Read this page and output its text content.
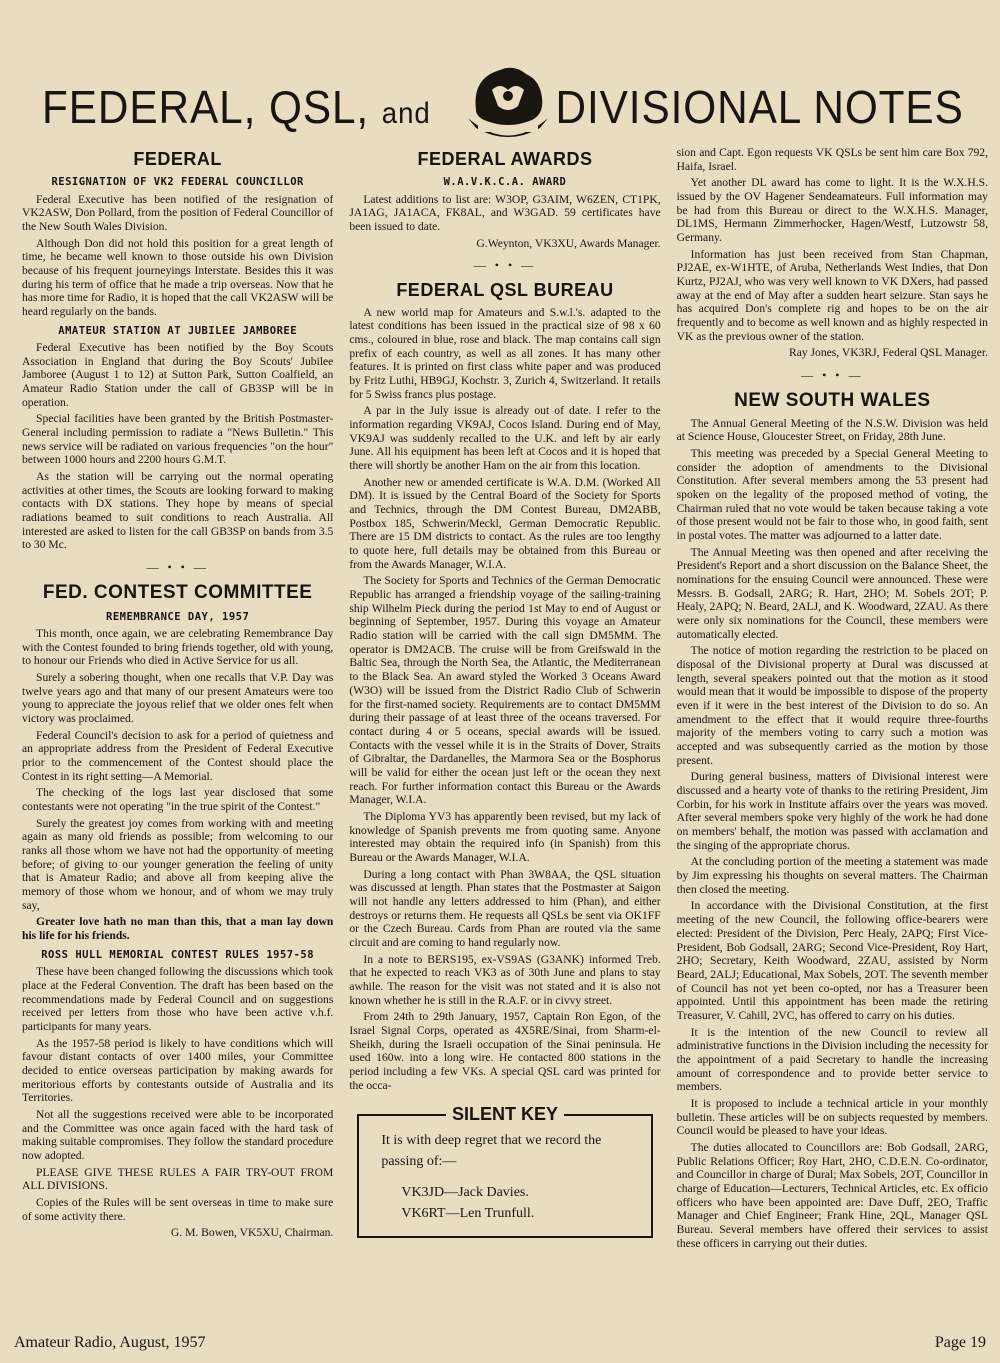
FEDERAL, QSL, and	DIVISIONAL NOTES
FEDERAL
RESIGNATION OF VK2 FEDERAL COUNCILLOR

Federal Executive has been notified of the resignation of VK2ASW, Don Pollard, from the position of Federal Councillor of the New South Wales Division.

Although Don did not hold this position for a great length of time, he became well known to those outside his own Division because of his frequent journeyings Interstate. Besides this it was during his term of office that he made a trip overseas. Now that he has more time for Radio, it is hoped that the call VK2ASW will be heard regularly on the bands.

AMATEUR STATION AT JUBILEE JAMBOREE

Federal Executive has been notified by the Boy Scouts Association in England that during the Boy Scouts' Jubilee Jamboree (August 1 to 12) at Sutton Park, Sutton Coalfield, an Amateur Radio Station under the call of GB3SP will be in operation.

Special facilities have been granted by the British Postmaster-General including permission to radiate a "News Bulletin." This news service will be radiated on various frequencies "on the hour" between 1000 hours and 2200 hours G.M.T.

As the station will be carrying out the normal operating activities at other times, the Scouts are looking forward to making contacts with DX stations. They hope by means of special radiations beamed to suit conditions to reach Australia. All interested are asked to listen for the call GB3SP on bands from 3.5 to 30 Mc.

— • • —
FED. CONTEST COMMITTEE
REMEMBRANCE DAY, 1957

This month, once again, we are celebrating Remembrance Day with the Contest founded to bring friends together, old with young, to honour our Friends who died in Active Service for us all.

Surely a sobering thought, when one recalls that V.P. Day was twelve years ago and that many of our present Amateurs were too young to appreciate the joyous relief that we older ones felt when victory was proclaimed.

Federal Council's decision to ask for a period of quietness and an appropriate address from the President of Federal Executive prior to the commencement of the Contest should place the Contest in its right setting—A Memorial.

The checking of the logs last year disclosed that some contestants were not operating "in the true spirit of the Contest."

Surely the greatest joy comes from working with and meeting again as many old friends as possible; from welcoming to our ranks all those whom we have not had the opportunity of meeting before; of giving to our younger generation the feeling of unity that is Amateur Radio; and above all from keeping alive the memory of those whom we honour, and of whom we may truly say,

Greater love hath no man than this, that a man lay down his life for his friends.

ROSS HULL MEMORIAL CONTEST RULES 1957-58

These have been changed following the discussions which took place at the Federal Convention. The draft has been based on the recommendations made by Federal Council and on suggestions received per letters from those who have been active v.h.f. participants for many years.

As the 1957-58 period is likely to have conditions which will favour distant contacts of over 1400 miles, your Committee decided to entice overseas participation by making awards for meritorious efforts by contestants outside of Australia and its Territories.

Not all the suggestions received were able to be incorporated and the Committee was once again faced with the hard task of making suitable compromises. They follow the standard procedure now adopted.

PLEASE GIVE THESE RULES A FAIR TRY-OUT FROM ALL DIVISIONS.

Copies of the Rules will be sent overseas in time to make sure of some activity there.

G. M. Bowen, VK5XU, Chairman.

FEDERAL AWARDS
W.A.V.K.C.A. AWARD

Latest additions to list are: W3OP, G3AIM, W6ZEN, CT1PK, JA1AG, JA1ACA, FK8AL, and W3GAD. 59 certificates have been issued to date.

G.Weynton, VK3XU, Awards Manager.

— • • —
FEDERAL QSL BUREAU

A new world map for Amateurs and S.w.l.'s. adapted to the latest conditions has been issued in the practical size of 98 x 60 cms., coloured in blue, rose and black. The map contains call sign prefix of each country, as well as all zones. It has many other features. It is printed on first class white paper and was produced by Fritz Luthi, HB9GJ, Kochstr. 3, Zurich 4, Switzerland. It retails for 5 Swiss francs plus postage.

A par in the July issue is already out of date. I refer to the information regarding VK9AJ, Cocos Island. During end of May, VK9AJ was suddenly recalled to the U.K. and left by air early June. All his equipment has been left at Cocos and it is hoped that there will shortly be another Ham on the air from this location.

Another new or amended certificate is W.A. D.M. (Worked All DM). It is issued by the Central Board of the Society for Sports and Technics, through the DM Contest Bureau, DM2ABB, Postbox 185, Schwerin/Meckl, German Democratic Republic. There are 15 DM districts to contact. As the rules are too lengthy to quote here, full details may be obtained from this Bureau or from the Awards Manager, W.I.A.

The Society for Sports and Technics of the German Democratic Republic has arranged a friendship voyage of the sailing-training ship Wilhelm Pieck during the period 1st May to end of August or beginning of September, 1957. During this voyage an Amateur Radio station will be carried with the call sign DM5MM. The operator is DM2ACB. The cruise will be from Greifswald in the Baltic Sea, through the North Sea, the Atlantic, the Mediterranean to the Black Sea. An award styled the Worked 3 Oceans Award (W3O) will be issued from the District Radio Club of Schwerin for the first-named society. Requirements are to contact DM5MM during their passage of at least three of the oceans traversed. For contact during 4 or 5 oceans, special awards will be issued. Contacts with the vessel while it is in the Straits of Dover, Straits of Gibraltar, the Dardanelles, the Marmora Sea or the Bosphorus will be valid for either the ocean just left or the ocean they next reach. For further information contact this Bureau or the Awards Manager, W.I.A.

The Diploma YV3 has apparently been revised, but my lack of knowledge of Spanish prevents me from quoting same. Anyone interested may obtain the required info (in Spanish) from this Bureau or the Awards Manager, W.I.A.

During a long contact with Phan 3W8AA, the QSL situation was discussed at length. Phan states that the Postmaster at Saigon will not handle any letters addressed to him (Phan), and either destroys or returns them. He requests all QSLs be sent via OK1FF or the Czech Bureau. Cards from Phan are routed via the same circuit and are coming to hand regularly now.

In a note to BERS195, ex-VS9AS (G3ANK) informed Treb. that he expected to reach VK3 as of 30th June and plans to stay awhile. The reason for the visit was not stated and it is also not known whether he is still in the R.A.F. or in civvy street.

From 24th to 29th January, 1957, Captain Ron Egon, of the Israel Signal Corps, operated as 4X5RE/Sinai, from Sharm-el-Sheikh, during the Israeli occupation of the Sinai peninsula. He used 160w. into a long wire. He contacted 800 stations in the period including a few VKs. A special QSL card was printed for the occa-

SILENT KEY

It is with deep regret that we record the passing of:—

VK3JD—Jack Davies.

VK6RT—Len Trunfull.

sion and Capt. Egon requests VK QSLs be sent him care Box 792, Haifa, Israel.

Yet another DL award has come to light. It is the W.X.H.S. issued by the OV Hagener Sendeamateurs. Full information may be had from this Bureau or direct to the W.X.H.S. Manager, DL1MS, Hermann Zimmerhocker, Hagen/Westf, Lutzowstr 58, Germany.

Information has just been received from Stan Chapman, PJ2AE, ex-W1HTE, of Aruba, Netherlands West Indies, that Don Kurtz, PJ2AJ, who was very well known to VK DXers, had passed away at the end of May after a sudden heart seizure. Stan says he has acquired Don's complete rig and hopes to be on the air frequently and to become as well known and as highly respected in VK as the previous owner of the station.

Ray Jones, VK3RJ, Federal QSL Manager.

— • • —
NEW SOUTH WALES

The Annual General Meeting of the N.S.W. Division was held at Science House, Gloucester Street, on Friday, 28th June.

This meeting was preceded by a Special General Meeting to consider the adoption of amendments to the Divisional Constitution. After several members among the 53 present had spoken on the legality of the proposed method of voting, the Chairman ruled that no vote would be taken because taking a vote of those present would not be fair to those who, in good faith, sent in postal votes. The matter was adjourned to a latter date.

The Annual Meeting was then opened and after receiving the President's Report and a short discussion on the Balance Sheet, the nominations for the ensuing Council were announced. These were Messrs. B. Godsall, 2ARG; R. Hart, 2HO; M. Sobels 2OT; P. Healy, 2APQ; N. Beard, 2ALJ, and K. Woodward, 2ZAU. As there were only six nominations for the Council, these members were automatically elected.

The notice of motion regarding the restriction to be placed on disposal of the Divisional property at Dural was discussed at length, several speakers pointed out that the motion as it stood would mean that it would be impossible to dispose of the property even if it were in the best interest of the Division to do so. An amendment to the effect that it would require three-fourths majority of the members voting to carry such a motion was accepted and was subsequently carried as the motion by those present.

During general business, matters of Divisional interest were discussed and a hearty vote of thanks to the retiring President, Jim Corbin, for his work in Institute affairs over the years was moved. After several members spoke very highly of the work he had done on members' behalf, the motion was passed with acclamation and the singing of the appropriate chorus.

At the concluding portion of the meeting a statement was made by Jim expressing his thoughts on several matters. The Chairman then closed the meeting.

In accordance with the Divisional Constitution, at the first meeting of the new Council, the following office-bearers were elected: President of the Division, Perc Healy, 2APQ; First Vice-President, Bob Godsall, 2ARG; Second Vice-President, Roy Hart, 2HO; Secretary, Keith Woodward, 2ZAU, assisted by Norm Beard, 2ALJ; Educational, Max Sobels, 2OT. The seventh member of Council has not yet been co-opted, nor has a Treasurer been appointed. Until this appointment has been made the retiring Treasurer, V. Cahill, 2VC, has offered to carry on his duties.

It is the intention of the new Council to review all administrative functions in the Division including the necessity for the appointment of a paid Secretary to handle the increasing amount of correspondence and to provide better service to members.

It is proposed to include a technical article in your monthly bulletin. These articles will be on subjects requested by members. Council would be pleased to have your ideas.

The duties allocated to Councillors are: Bob Godsall, 2ARG, Public Relations Officer; Roy Hart, 2HO, C.D.E.N. Co-ordinator, and Councillor in charge of Dural; Max Sobels, 2OT, Councillor in charge of Education—Lecturers, Technical Articles, etc. Ex officio officers who have been appointed are: Dave Duff, 2EO, Traffic Manager and Chief Engineer; Frank Hine, 2QL, Manager QSL Bureau. Several members have offered their services to assist these officers in carrying out their duties.

Amateur Radio, August, 1957	Page 19
